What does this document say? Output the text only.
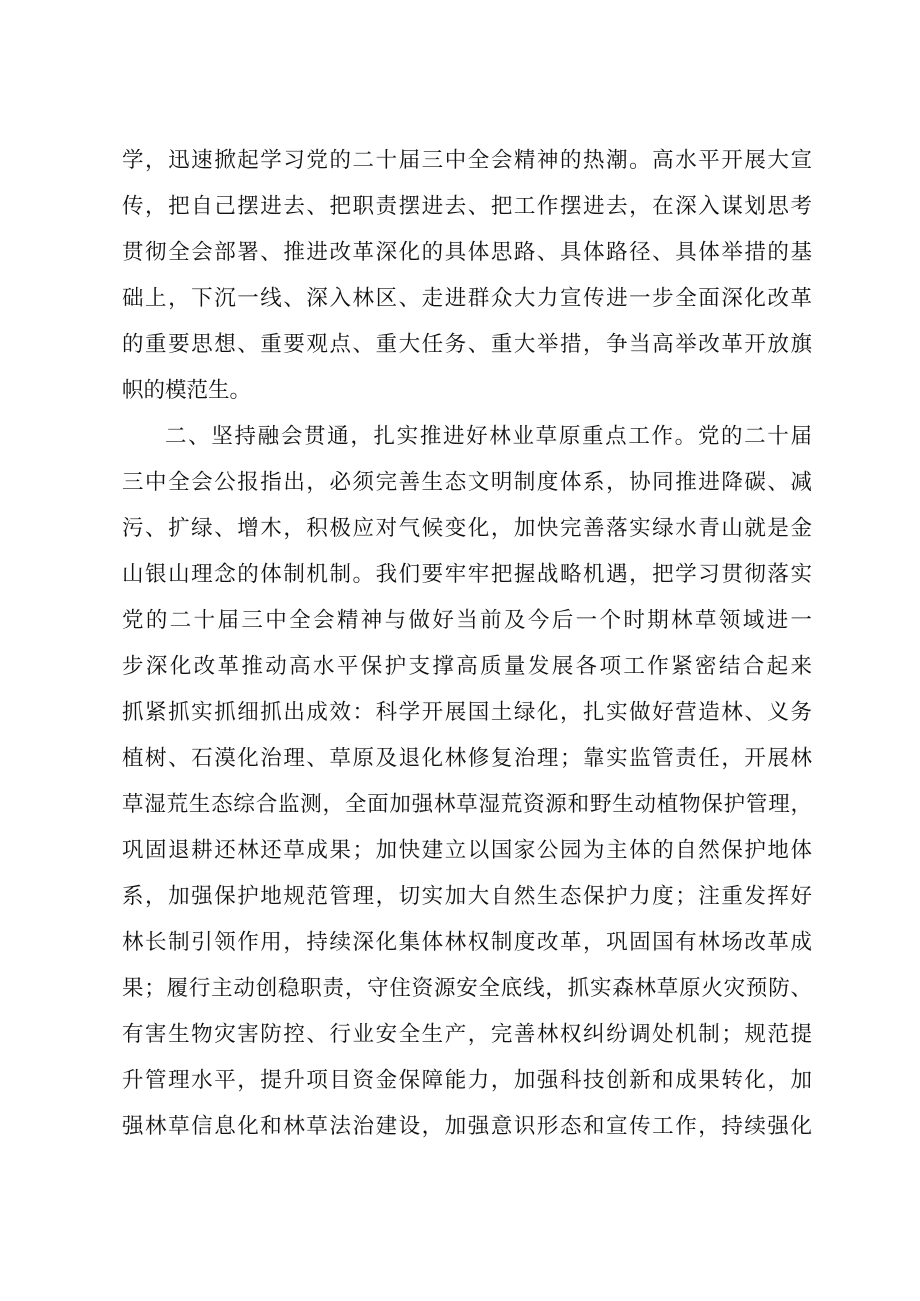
学，迅速掀起学习党的二十届三中全会精神的热潮。高水平开展大宣
传，把自己摆进去、把职责摆进去、把工作摆进去，在深入谋划思考
贯彻全会部署、推进改革深化的具体思路、具体路径、具体举措的基
础上，下沉一线、深入林区、走进群众大力宣传进一步全面深化改革
的重要思想、重要观点、重大任务、重大举措，争当高举改革开放旗
帜的模范生。
二、坚持融会贯通，扎实推进好林业草原重点工作。党的二十届
三中全会公报指出，必须完善生态文明制度体系，协同推进降碳、减
污、扩绿、增木，积极应对气候变化，加快完善落实绿水青山就是金
山银山理念的体制机制。我们要牢牢把握战略机遇，把学习贯彻落实
党的二十届三中全会精神与做好当前及今后一个时期林草领域进一
步深化改革推动高水平保护支撑高质量发展各项工作紧密结合起来
抓紧抓实抓细抓出成效：科学开展国土绿化，扎实做好营造林、义务
植树、石漠化治理、草原及退化林修复治理；靠实监管责任，开展林
草湿荒生态综合监测，全面加强林草湿荒资源和野生动植物保护管理，
巩固退耕还林还草成果；加快建立以国家公园为主体的自然保护地体
系，加强保护地规范管理，切实加大自然生态保护力度；注重发挥好
林长制引领作用，持续深化集体林权制度改革，巩固国有林场改革成
果；履行主动创稳职责，守住资源安全底线，抓实森林草原火灾预防、
有害生物灾害防控、行业安全生产，完善林权纠纷调处机制；规范提
升管理水平，提升项目资金保障能力，加强科技创新和成果转化，加
强林草信息化和林草法治建设，加强意识形态和宣传工作，持续强化
